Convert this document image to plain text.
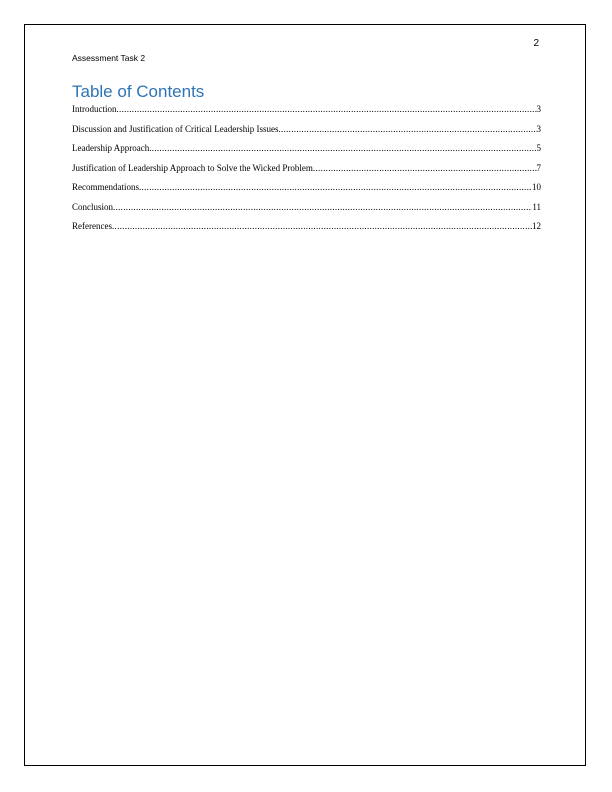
2
Assessment Task 2
Table of Contents
Introduction .....	3
Discussion and Justification of Critical Leadership Issues .....	3
Leadership Approach .....	5
Justification of Leadership Approach to Solve the Wicked Problem .....	7
Recommendations .....	10
Conclusion .....	11
References .....	12
